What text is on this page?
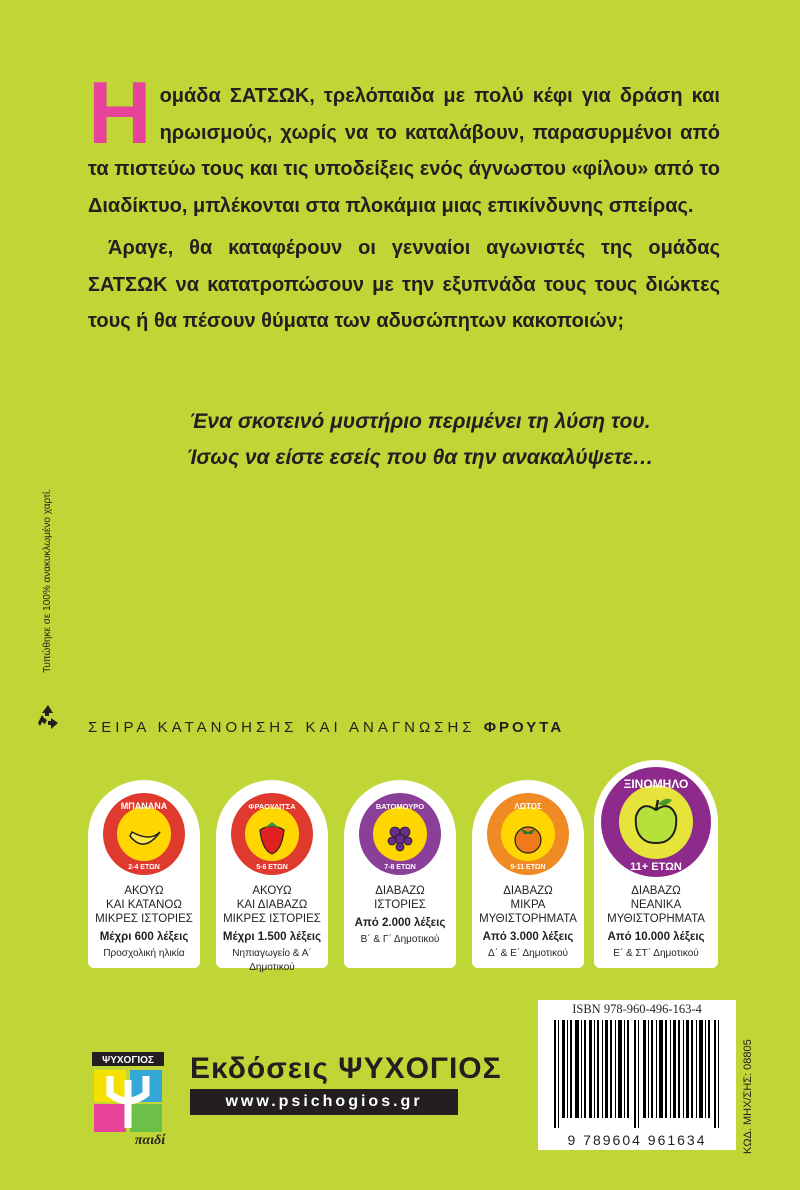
Ηομάδα ΣΑΤΣΩΚ, τρελόπαιδα με πολύ κέφι για δράση και ηρωισμούς, χωρίς να το καταλάβουν, παρασυρμένοι από τα πιστεύω τους και τις υποδείξεις ενός άγνωστου «φίλου» από το Διαδίκτυο, μπλέκονται στα πλοκάμια μιας επικίνδυνης σπείρας.

Άραγε, θα καταφέρουν οι γενναίοι αγωνιστές της ομάδας ΣΑΤΣΩΚ να κατατροπώσουν με την εξυπνάδα τους τους διώκτες τους ή θα πέσουν θύματα των αδυσώπητων κακοποιών;

Ένα σκοτεινό μυστήριο περιμένει τη λύση του.
Ίσως να είστε εσείς που θα την ανακαλύψετε…
Τυπώθηκε σε 100% ανακυκλωμένο χαρτί.
ΣΕΙΡΑ ΚΑΤΑΝΟΗΣΗΣ ΚΑΙ ΑΝΑΓΝΩΣΗΣ ΦΡΟΥΤΑ
ΜΠΑΝΑΝΑ
2-4 ΕΤΩΝ
ΑΚΟΥΩ
ΚΑΙ ΚΑΤΑΝΟΩ
ΜΙΚΡΕΣ ΙΣΤΟΡΙΕΣ
Μέχρι 600 λέξεις
Προσχολική ηλικία
ΦΡΑΟΥΛΙΤΣΑ
5-6 ΕΤΩΝ
ΑΚΟΥΩ
ΚΑΙ ΔΙΑΒΑΖΩ
ΜΙΚΡΕΣ ΙΣΤΟΡΙΕΣ
Μέχρι 1.500 λέξεις
Νηπιαγωγείο & Α΄ Δημοτικού
ΒΑΤΟΜΟΥΡΟ
7-8 ΕΤΩΝ
ΔΙΑΒΑΖΩ
ΙΣΤΟΡΙΕΣ
Από 2.000 λέξεις
Β΄ & Γ΄ Δημοτικού
ΛΩΤΟΣ
9-11 ΕΤΩΝ
ΔΙΑΒΑΖΩ
ΜΙΚΡΑ
ΜΥΘΙΣΤΟΡΗΜΑΤΑ
Από 3.000 λέξεις
Δ΄ & Ε΄ Δημοτικού
ΞΙΝΟΜΗΛΟ
11+ ΕΤΩΝ
ΔΙΑΒΑΖΩ
ΝΕΑΝΙΚΑ
ΜΥΘΙΣΤΟΡΗΜΑΤΑ
Από 10.000 λέξεις
Ε΄ & ΣΤ΄ Δημοτικού
ISBN 978-960-496-163-4
9 789604 961634	ΚΩΔ. ΜΗΧ/ΣΗΣ: 08805
ΨΥΧΟΓΙΟΣ
παιδί
Εκδόσεις ΨΥΧΟΓΙΟΣ
www.psichogios.gr
